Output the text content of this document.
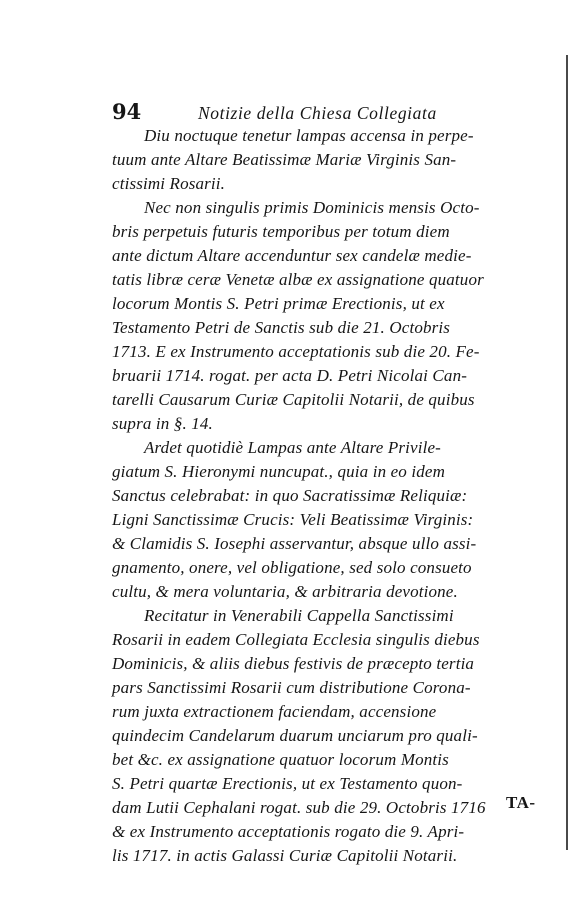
94	Notizie della Chiesa Collegiata
Diu noctuque tenetur lampas accensa in perpe-
tuum ante Altare Beatissimæ Mariæ Virginis San-
ctissimi Rosarii.
Nec non singulis primis Dominicis mensis Octo-
bris perpetuis futuris temporibus per totum diem
ante dictum Altare accenduntur sex candelæ medie-
tatis libræ ceræ Venetæ albæ ex assignatione quatuor
locorum Montis S. Petri primæ Erectionis, ut ex
Testamento Petri de Sanctis sub die 21. Octobris
1713. E ex Instrumento acceptationis sub die 20. Fe-
bruarii 1714. rogat. per acta D. Petri Nicolai Can-
tarelli Causarum Curiæ Capitolii Notarii, de quibus
supra in §. 14.
Ardet quotidiè Lampas ante Altare Privile-
giatum S. Hieronymi nuncupat., quia in eo idem
Sanctus celebrabat: in quo Sacratissimæ Reliquiæ:
Ligni Sanctissimæ Crucis: Veli Beatissimæ Virginis:
& Clamidis S. Iosephi asservantur, absque ullo assi-
gnamento, onere, vel obligatione, sed solo consueto
cultu, & mera voluntaria, & arbitraria devotione.
Recitatur in Venerabili Cappella Sanctissimi
Rosarii in eadem Collegiata Ecclesia singulis diebus
Dominicis, & aliis diebus festivis de præcepto tertia
pars Sanctissimi Rosarii cum distributione Corona-
rum juxta extractionem faciendam, accensione
quindecim Candelarum duarum unciarum pro quali-
bet &c. ex assignatione quatuor locorum Montis
S. Petri quartæ Erectionis, ut ex Testamento quon-
dam Lutii Cephalani rogat. sub die 29. Octobris 1716
& ex Instrumento acceptationis rogato die 9. Apri-
lis 1717. in actis Galassi Curiæ Capitolii Notarii.
TA-
